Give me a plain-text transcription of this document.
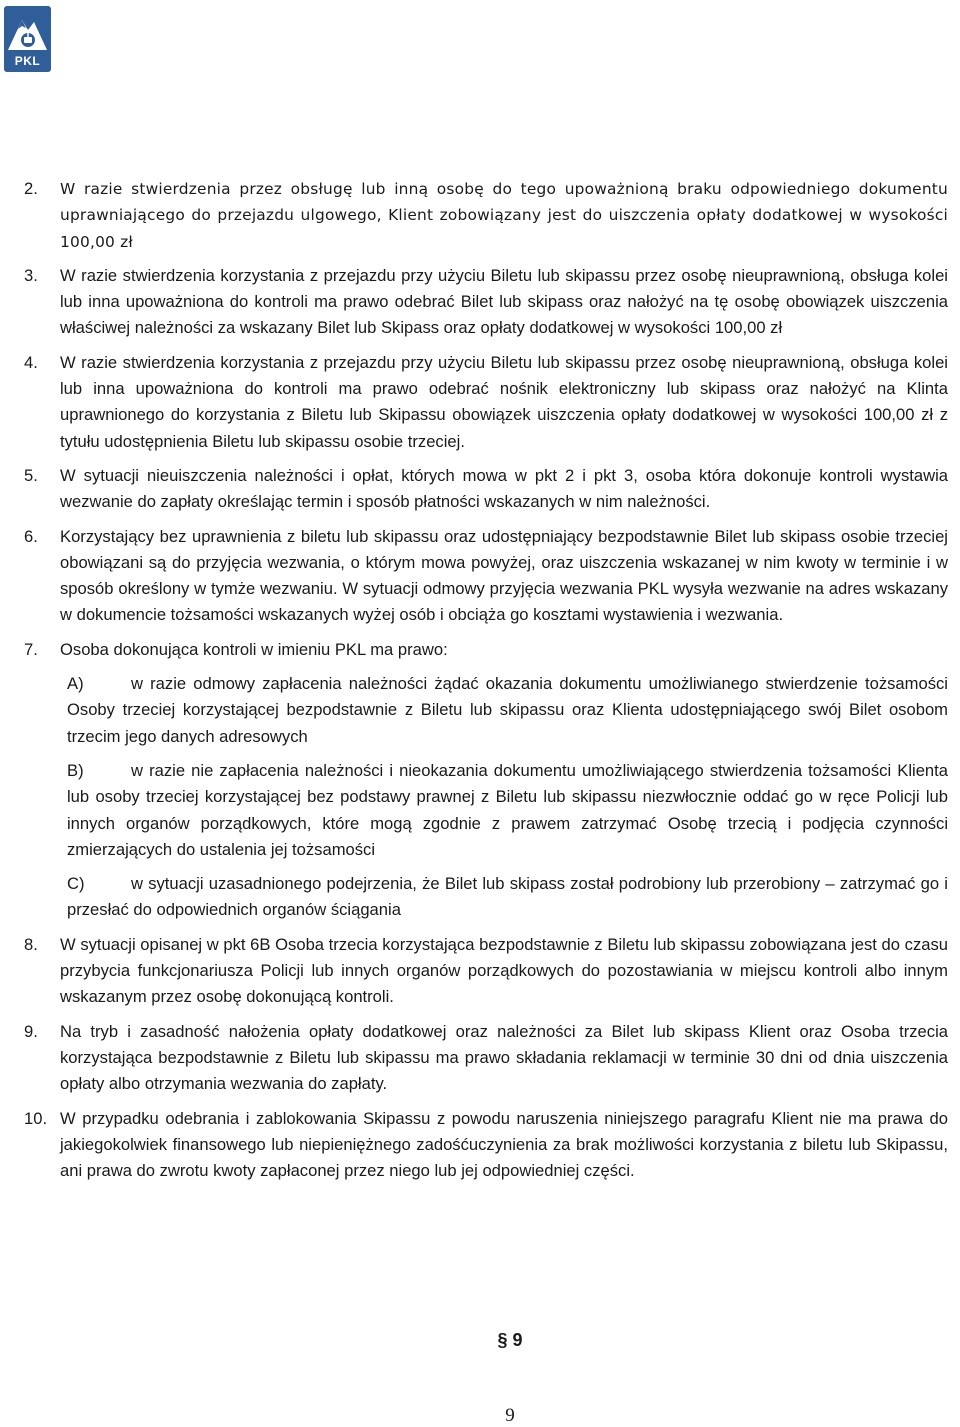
PKL
2.	W razie stwierdzenia przez obsługę lub inną osobę do tego upoważnioną braku odpowiedniego dokumentu uprawniającego do przejazdu ulgowego, Klient zobowiązany jest do uiszczenia opłaty dodatkowej w wysokości 100,00 zł
3.	W razie stwierdzenia korzystania z przejazdu przy użyciu Biletu lub skipassu przez osobę nieuprawnioną, obsługa kolei lub inna upoważniona do kontroli ma prawo odebrać Bilet lub skipass oraz nałożyć na tę osobę obowiązek uiszczenia właściwej należności za wskazany Bilet lub Skipass oraz opłaty dodatkowej w wysokości 100,00 zł
4.	W razie stwierdzenia korzystania z przejazdu przy użyciu Biletu lub skipassu przez osobę nieuprawnioną, obsługa kolei lub inna upoważniona do kontroli ma prawo odebrać nośnik elektroniczny lub skipass oraz nałożyć na Klinta uprawnionego do korzystania z Biletu lub Skipassu obowiązek uiszczenia opłaty dodatkowej w wysokości 100,00 zł z tytułu udostępnienia Biletu lub skipassu osobie trzeciej.
5.	W sytuacji nieuiszczenia należności i opłat, których mowa w pkt 2 i pkt 3, osoba która dokonuje kontroli wystawia wezwanie do zapłaty określając termin i sposób płatności wskazanych w nim należności.
6.	Korzystający bez uprawnienia z biletu lub skipassu oraz udostępniający bezpodstawnie Bilet lub skipass osobie trzeciej obowiązani są do przyjęcia wezwania, o którym mowa powyżej, oraz uiszczenia wskazanej w nim kwoty w terminie i w sposób określony w tymże wezwaniu. W sytuacji odmowy przyjęcia wezwania PKL wysyła wezwanie na adres wskazany w dokumencie tożsamości wskazanych wyżej osób i obciąża go kosztami wystawienia i wezwania.
7.	Osoba dokonująca kontroli w imieniu PKL ma prawo:
A)	w razie odmowy zapłacenia należności żądać okazania dokumentu umożliwianego stwierdzenie tożsamości Osoby trzeciej korzystającej bezpodstawnie z Biletu lub skipassu oraz Klienta udostępniającego swój Bilet osobom trzecim jego danych adresowych
B)	w razie nie zapłacenia należności i nieokazania dokumentu umożliwiającego stwierdzenia tożsamości Klienta lub osoby trzeciej korzystającej bez podstawy prawnej z Biletu lub skipassu niezwłocznie oddać go w ręce Policji lub innych organów porządkowych, które mogą zgodnie z prawem zatrzymać Osobę trzecią i podjęcia czynności zmierzających do ustalenia jej tożsamości
C)	w sytuacji uzasadnionego podejrzenia, że Bilet lub skipass został podrobiony lub przerobiony – zatrzymać go i przesłać do odpowiednich organów ściągania
8.	W sytuacji opisanej w pkt 6B Osoba trzecia korzystająca bezpodstawnie z Biletu lub skipassu zobowiązana jest do czasu przybycia funkcjonariusza Policji lub innych organów porządkowych do pozostawiania w miejscu kontroli albo innym wskazanym przez osobę dokonującą kontroli.
9.	Na tryb i zasadność nałożenia opłaty dodatkowej oraz należności za Bilet lub skipass Klient oraz Osoba trzecia korzystająca bezpodstawnie z Biletu lub skipassu ma prawo składania reklamacji w terminie 30 dni od dnia uiszczenia opłaty albo otrzymania wezwania do zapłaty.
10. W przypadku odebrania i zablokowania Skipassu z powodu naruszenia niniejszego paragrafu Klient nie ma prawa do jakiegokolwiek finansowego lub niepieniężnego zadośćuczynienia za brak możliwości korzystania z biletu lub Skipassu, ani prawa do zwrotu kwoty zapłaconej przez niego lub jej odpowiedniej części.
§ 9
9
